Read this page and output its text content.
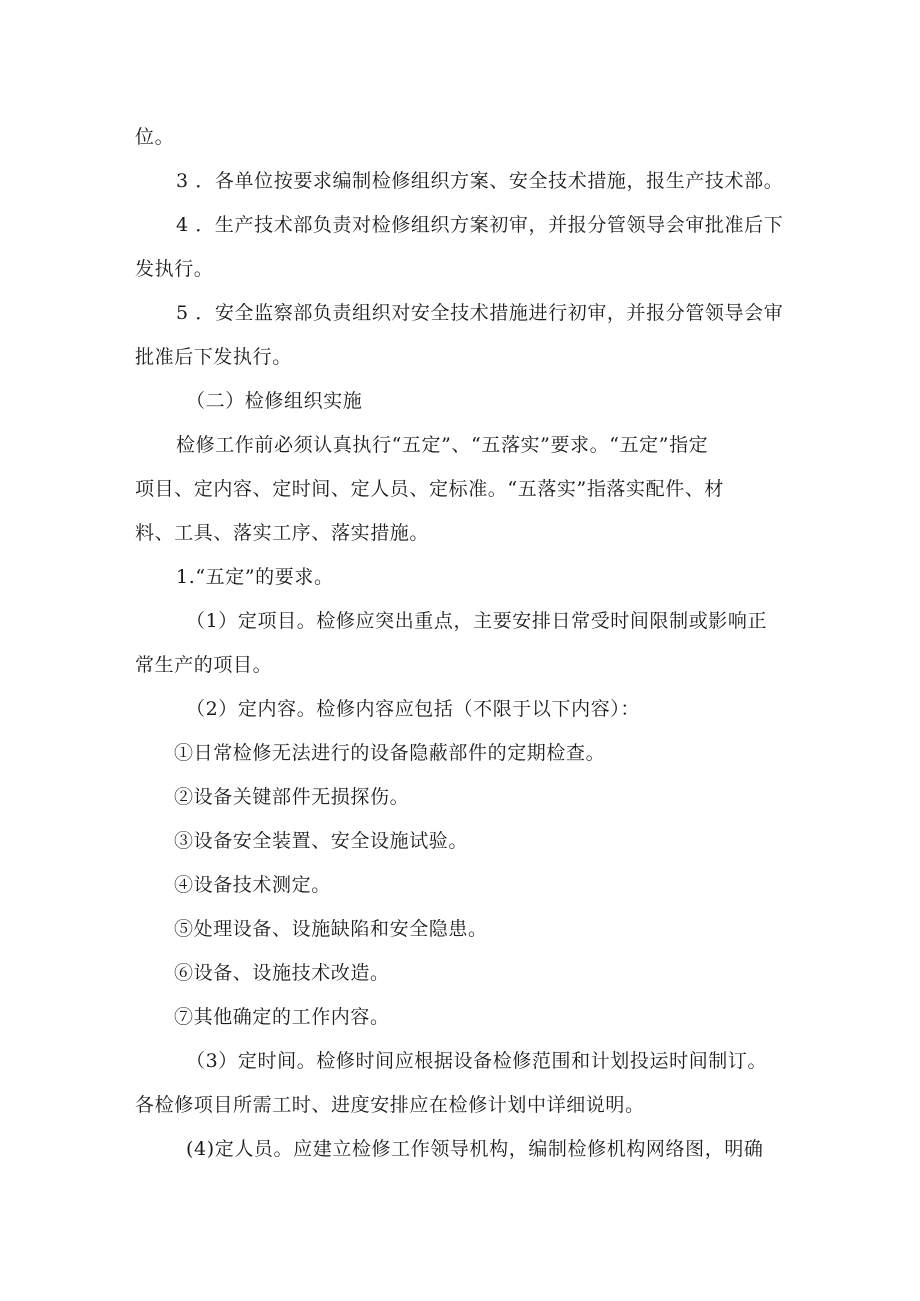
位。
3 ．各单位按要求编制检修组织方案、安全技术措施，报生产技术部。
4 ．生产技术部负责对检修组织方案初审，并报分管领导会审批准后下
发执行。
5 ．安全监察部负责组织对安全技术措施进行初审，并报分管领导会审
批准后下发执行。
（二）检修组织实施
检修工作前必须认真执行“五定”、“五落实”要求。“五定”指定
项目、定内容、定时间、定人员、定标准。“五落实”指落实配件、材
料、工具、落实工序、落实措施。
1.“五定”的要求。
（1）定项目。检修应突出重点，主要安排日常受时间限制或影响正
常生产的项目。
（2）定内容。检修内容应包括（不限于以下内容）：
①日常检修无法进行的设备隐蔽部件的定期检查。
②设备关键部件无损探伤。
③设备安全装置、安全设施试验。
④设备技术测定。
⑤处理设备、设施缺陷和安全隐患。
⑥设备、设施技术改造。
⑦其他确定的工作内容。
（3）定时间。检修时间应根据设备检修范围和计划投运时间制订。
各检修项目所需工时、进度安排应在检修计划中详细说明。
(4)定人员。应建立检修工作领导机构，编制检修机构网络图，明确
